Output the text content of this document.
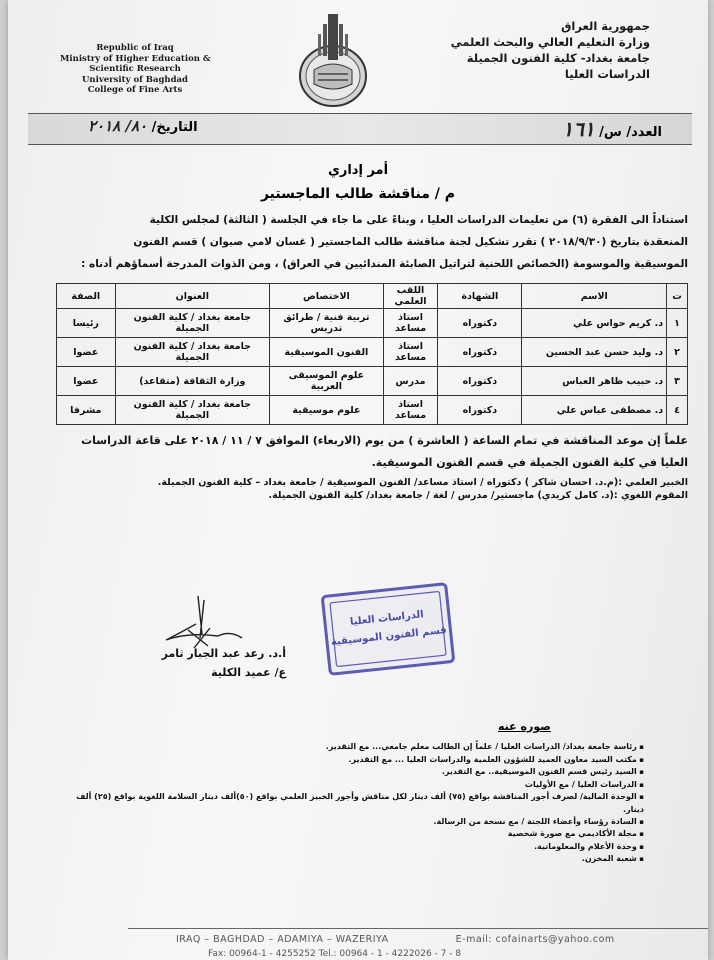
Republic of Iraq
Ministry of Higher Education &
Scientific Research
University of Baghdad
College of Fine Arts
جمهورية العراق
وزارة التعليم العالي والبحث العلمي
جامعة بغداد- كلية الفنون الجميلة
الدراسات العليا
العدد/ س/ ١٦١
التاريخ/ ٨٠/ ٢٠١٨
أمر إداري
م / مناقشة طالب الماجستير
استناداً الى الفقرة (٦) من تعليمات الدراسات العليا ، وبناءً على ما جاء في الجلسة ( الثالثة) لمجلس الكلية
المنعقدة بتاريخ (٢٠١٨/٩/٣٠ ) تقرر تشكيل لجنة مناقشة طالب الماجستير ( غسان لامي صبوان ) قسم الفنون
الموسيقية والموسومة (الخصائص اللحنية لتراتيل الصابئة المندائيين في العراق) ، ومن الذوات المدرجة أسماؤهم أدناه :
ت	الاسم	الشهادة	اللقب العلمي	الاختصاص	العنوان	الصفة
١	د. كريم حواس علي	دكتوراه	استاذ مساعد	تربية فنية / طرائق تدريس	جامعة بغداد / كلية الفنون الجميلة	رئيسا
٢	د. وليد حسن عبد الحسين	دكتوراه	استاذ مساعد	الفنون الموسيقية	جامعة بغداد / كلية الفنون الجميلة	عضوا
٣	د. حبيب ظاهر العباس	دكتوراه	مدرس	علوم الموسيقى العربية	وزارة الثقافة (متقاعد)	عضوا
٤	د. مصطفى عباس علي	دكتوراه	استاذ مساعد	علوم موسيقية	جامعة بغداد / كلية الفنون الجميلة	مشرفا
علماً إن موعد المناقشة في تمام الساعة ( العاشرة ) من يوم (الاربعاء) الموافق ٧ / ١١ / ٢٠١٨ على قاعة الدراسات
العليا في كلية الفنون الجميلة في قسم الفنون الموسيقية.
الخبير العلمي :(م.د. احسان شاكر ) دكتوراه / استاذ مساعد/ الفنون الموسيقية / جامعة بغداد – كلية الفنون الجميلة.
المقوم اللغوي :(د. كامل كريدي) ماجستير/ مدرس / لغة / جامعة بغداد/ كلية الفنون الجميلة.
الدراسات العليا
قسم الفنون الموسيقية
أ.د. رعد عبد الجبار ثامر
ع/ عميد الكلية
صوره عنه
▪ رئاسة جامعة بغداد/ الدراسات العليا / علماً إن الطالب معلم جامعي... مع التقدير.
▪ مكتب السيد معاون العميد للشؤون العلمية والدراسات العليا ... مع التقدير.
▪ السيد رئيس قسم الفنون الموسيقية.. مع التقدير.
▪ الدراسات العليا / مع الأوليات
▪ الوحدة المالية/ لصرف أجور المناقشة بواقع (٧٥) ألف دينار لكل مناقش وأجور الخبير العلمي بواقع (٥٠)ألف دينار السلامة اللغوية بواقع (٢٥) ألف دينار.
▪ السادة رؤساء وأعضاء اللجنة / مع نسخة من الرسالة.
▪ مجلة الأكاديمي مع صورة شخصية
▪ وحدة الأعلام والمعلوماتية.
▪ شعبة المخزن.
IRAQ – BAGHDAD – ADAMIYA – WAZERIYA	E-mail: cofainarts@yahoo.com
Fax: 00964-1 - 4255252 Tel.: 00964 - 1 - 4222026 - 7 - 8
